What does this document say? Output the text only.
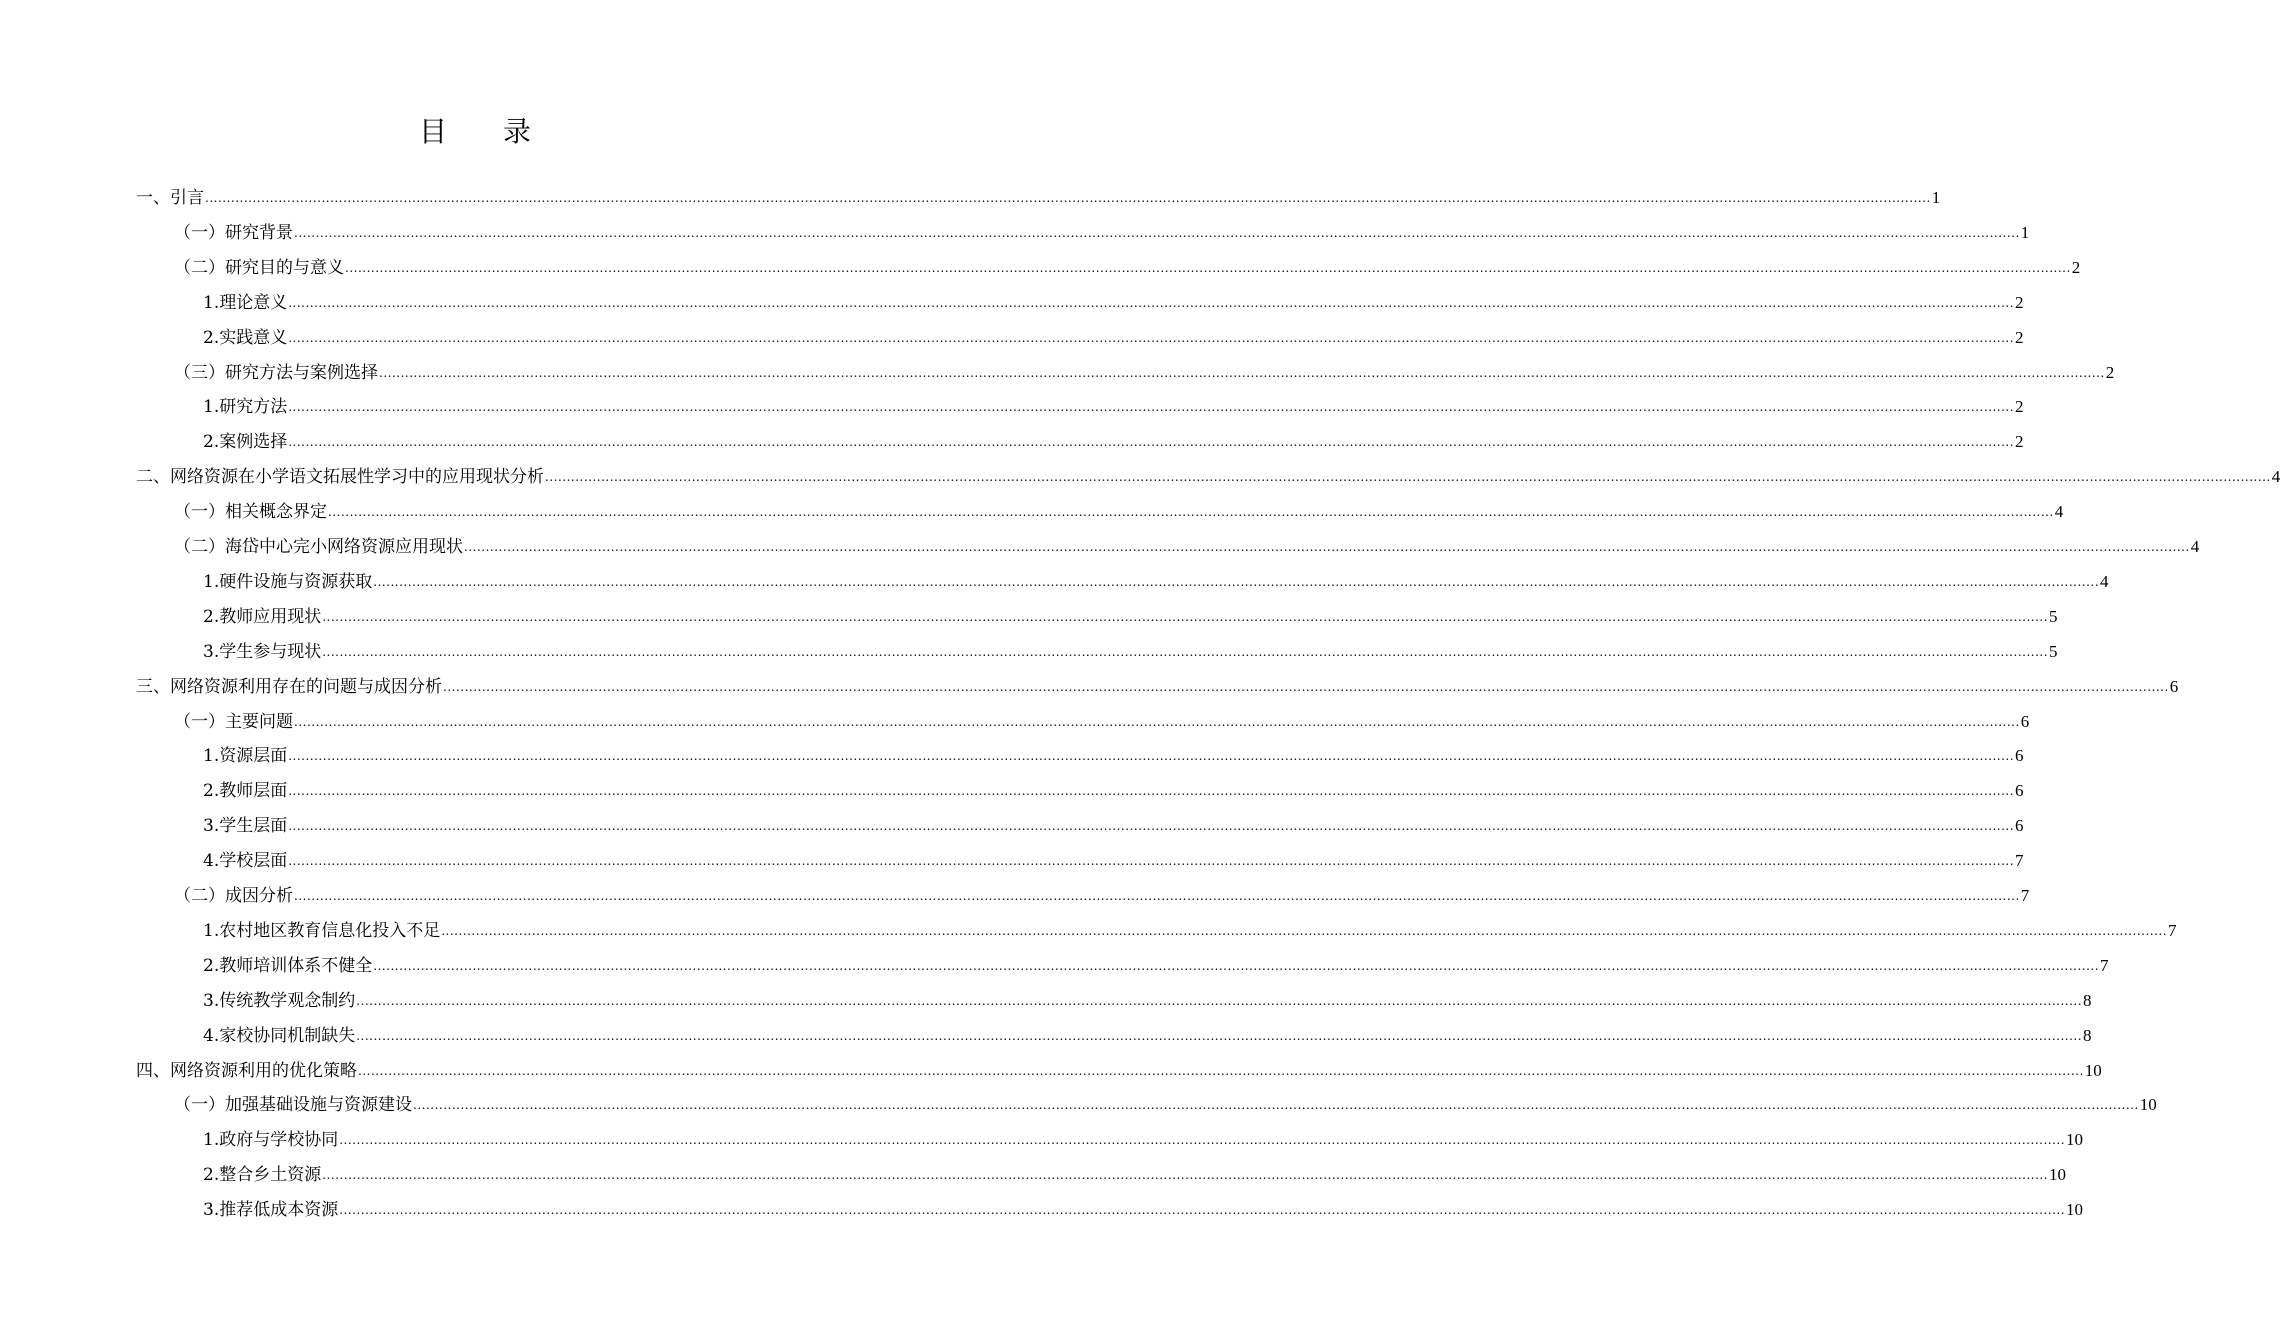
目录
一、引言 ................................................................................................................................................................................................................................................................................................................................................................................................................ 1
（一）研究背景 ................................................................................................................................................................................................................................................................................................................................................................................................................ 1
（二）研究目的与意义 ................................................................................................................................................................................................................................................................................................................................................................................................................ 2
1.理论意义 ................................................................................................................................................................................................................................................................................................................................................................................................................ 2
2.实践意义 ................................................................................................................................................................................................................................................................................................................................................................................................................ 2
（三）研究方法与案例选择 ................................................................................................................................................................................................................................................................................................................................................................................................................ 2
1.研究方法 ................................................................................................................................................................................................................................................................................................................................................................................................................ 2
2.案例选择 ................................................................................................................................................................................................................................................................................................................................................................................................................ 2
二、网络资源在小学语文拓展性学习中的应用现状分析 ................................................................................................................................................................................................................................................................................................................................................................................................................ 4
（一）相关概念界定 ................................................................................................................................................................................................................................................................................................................................................................................................................ 4
（二）海岱中心完小网络资源应用现状 ................................................................................................................................................................................................................................................................................................................................................................................................................ 4
1.硬件设施与资源获取 ................................................................................................................................................................................................................................................................................................................................................................................................................ 4
2.教师应用现状 ................................................................................................................................................................................................................................................................................................................................................................................................................ 5
3.学生参与现状 ................................................................................................................................................................................................................................................................................................................................................................................................................ 5
三、网络资源利用存在的问题与成因分析 ................................................................................................................................................................................................................................................................................................................................................................................................................ 6
（一）主要问题 ................................................................................................................................................................................................................................................................................................................................................................................................................ 6
1.资源层面 ................................................................................................................................................................................................................................................................................................................................................................................................................ 6
2.教师层面 ................................................................................................................................................................................................................................................................................................................................................................................................................ 6
3.学生层面 ................................................................................................................................................................................................................................................................................................................................................................................................................ 6
4.学校层面 ................................................................................................................................................................................................................................................................................................................................................................................................................ 7
（二）成因分析 ................................................................................................................................................................................................................................................................................................................................................................................................................ 7
1.农村地区教育信息化投入不足 ................................................................................................................................................................................................................................................................................................................................................................................................................ 7
2.教师培训体系不健全 ................................................................................................................................................................................................................................................................................................................................................................................................................ 7
3.传统教学观念制约 ................................................................................................................................................................................................................................................................................................................................................................................................................ 8
4.家校协同机制缺失 ................................................................................................................................................................................................................................................................................................................................................................................................................ 8
四、网络资源利用的优化策略 ................................................................................................................................................................................................................................................................................................................................................................................................................ 10
（一）加强基础设施与资源建设 ................................................................................................................................................................................................................................................................................................................................................................................................................ 10
1.政府与学校协同 ................................................................................................................................................................................................................................................................................................................................................................................................................ 10
2.整合乡土资源 ................................................................................................................................................................................................................................................................................................................................................................................................................ 10
3.推荐低成本资源 ................................................................................................................................................................................................................................................................................................................................................................................................................ 10
